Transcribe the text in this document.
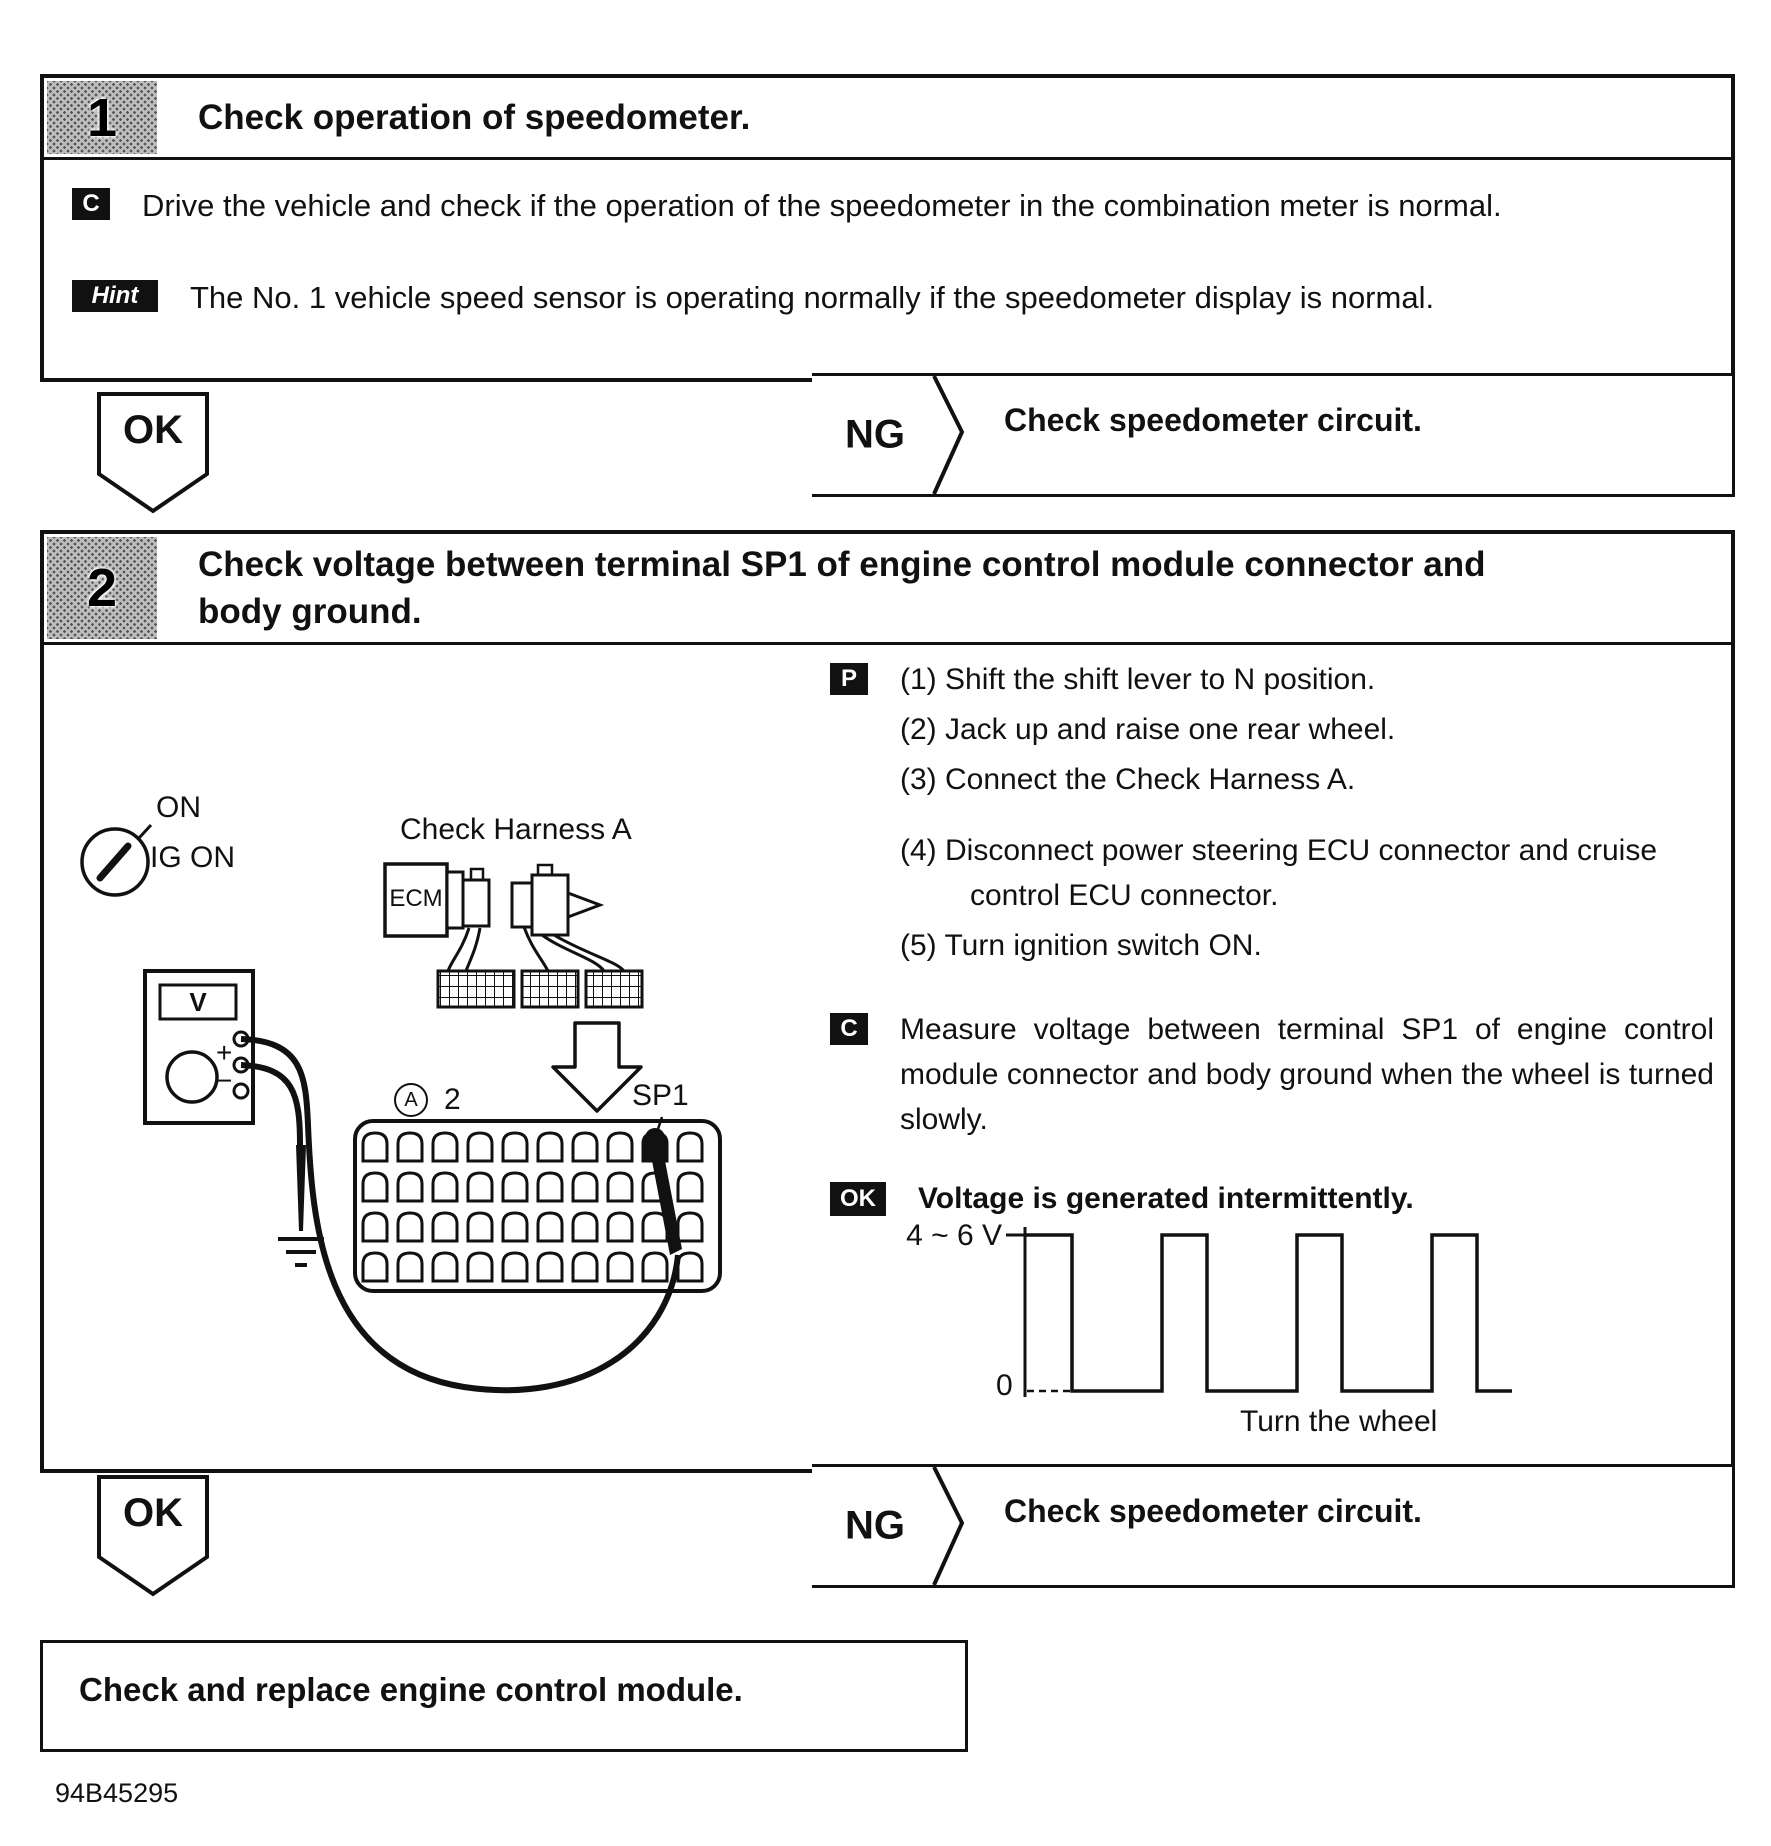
1	Check operation of speedometer.
C	Drive the vehicle and check if the operation of the speedometer in the combination meter is normal.

Hint	The No. 1 vehicle speed sensor is operating normally if the speedometer display is normal.

OK	NG	Check speedometer circuit.
2	Check voltage between terminal SP1 of engine control module connector and body ground.
ON
IG ON
Check Harness A
ECM
V
+
−
A 2	SP1
P	(1) Shift the shift lever to N position.
(2) Jack up and raise one rear wheel.
(3) Connect the Check Harness A.
(4) Disconnect power steering ECU connector and cruise control ECU connector.
(5) Turn ignition switch ON.
C	Measure voltage between terminal SP1 of engine control module connector and body ground when the wheel is turned slowly.

OK	Voltage is generated intermittently.

4 ~ 6 V
0
Turn the wheel
OK	NG	Check speedometer circuit.

Check and replace engine control module.

94B45295
